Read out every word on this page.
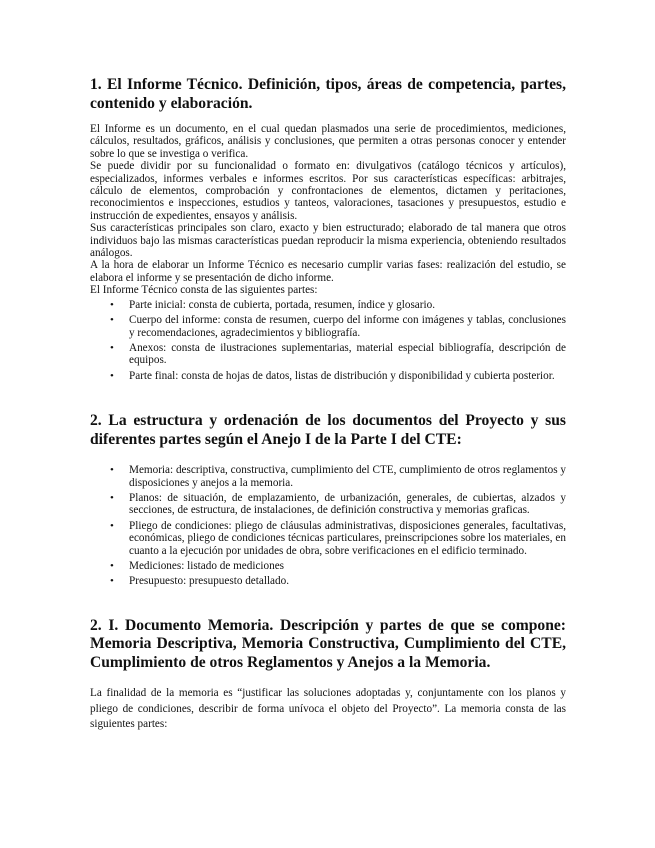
1. El Informe Técnico. Definición, tipos, áreas de competencia, partes, contenido y elaboración.

El Informe es un documento, en el cual quedan plasmados una serie de procedimientos, mediciones, cálculos, resultados, gráficos, análisis y conclusiones, que permiten a otras personas conocer y entender sobre lo que se investiga o verifica.

Se puede dividir por su funcionalidad o formato en: divulgativos (catálogo técnicos y artículos), especializados, informes verbales e informes escritos. Por sus características específicas: arbitrajes, cálculo de elementos, comprobación y confrontaciones de elementos, dictamen y peritaciones, reconocimientos e inspecciones, estudios y tanteos, valoraciones, tasaciones y presupuestos, estudio e instrucción de expedientes, ensayos y análisis.

Sus características principales son claro, exacto y bien estructurado; elaborado de tal manera que otros individuos bajo las mismas características puedan reproducir la misma experiencia, obteniendo resultados análogos.

A la hora de elaborar un Informe Técnico es necesario cumplir varias fases: realización del estudio, se elabora el informe y se presentación de dicho informe.

El Informe Técnico consta de las siguientes partes:

• Parte inicial: consta de cubierta, portada, resumen, índice y glosario.
• Cuerpo del informe: consta de resumen, cuerpo del informe con imágenes y tablas, conclusiones y recomendaciones, agradecimientos y bibliografía.
• Anexos: consta de ilustraciones suplementarias, material especial bibliografía, descripción de equipos.
• Parte final: consta de hojas de datos, listas de distribución y disponibilidad y cubierta posterior.
2. La estructura y ordenación de los documentos del Proyecto y sus diferentes partes según el Anejo I de la Parte I del CTE:
• Memoria: descriptiva, constructiva, cumplimiento del CTE, cumplimiento de otros reglamentos y disposiciones y anejos a la memoria.
• Planos: de situación, de emplazamiento, de urbanización, generales, de cubiertas, alzados y secciones, de estructura, de instalaciones, de definición constructiva y memorias graficas.
• Pliego de condiciones: pliego de cláusulas administrativas, disposiciones generales, facultativas, económicas, pliego de condiciones técnicas particulares, preinscripciones sobre los materiales, en cuanto a la ejecución por unidades de obra, sobre verificaciones en el edificio terminado.
• Mediciones: listado de mediciones
• Presupuesto: presupuesto detallado.
2. I. Documento Memoria. Descripción y partes de que se compone: Memoria Descriptiva, Memoria Constructiva, Cumplimiento del CTE, Cumplimiento de otros Reglamentos y Anejos a la Memoria.

La finalidad de la memoria es “justificar las soluciones adoptadas y, conjuntamente con los planos y pliego de condiciones, describir de forma unívoca el objeto del Proyecto”. La memoria consta de las siguientes partes:
